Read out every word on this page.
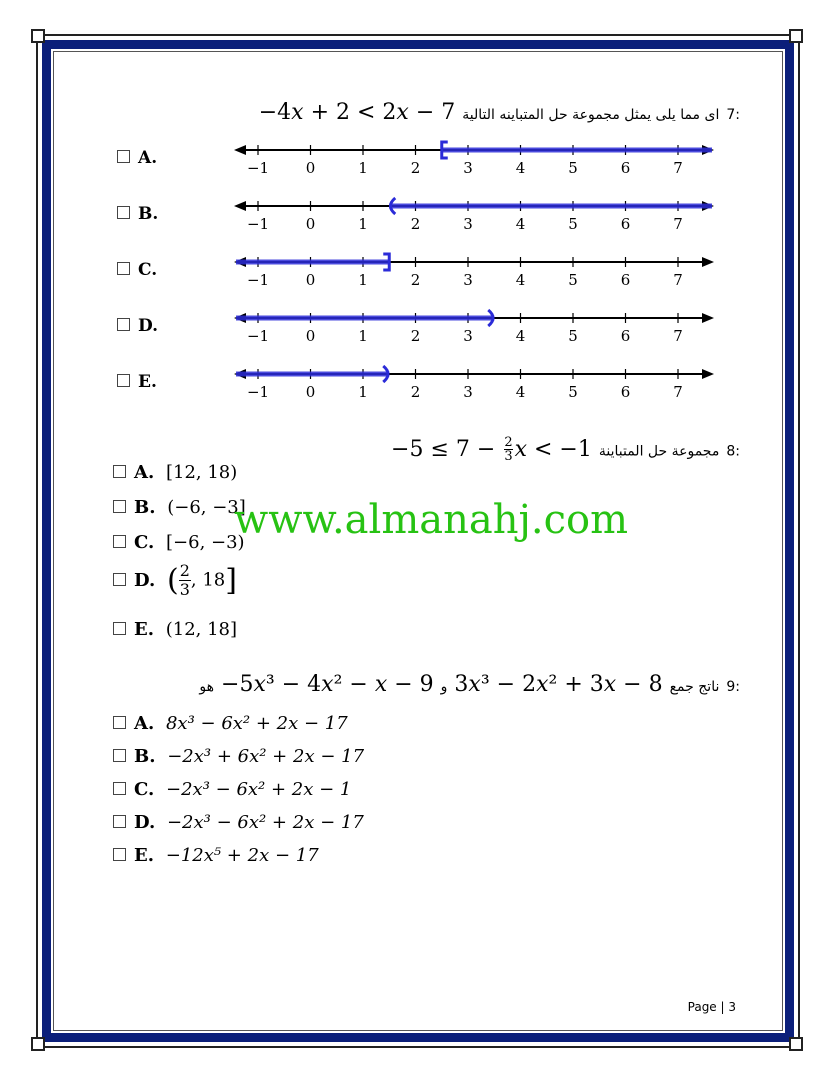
:7 اى مما يلى يمثل مجموعة حل المتباينه التالية −4x + 2 < 2x − 7
A.	−1 0	1	2	3	4	5	6	7
B.	−1 0	1	2	3	4	5	6	7
C.	−1 0	1	2	3	4	5	6	7
D.	−1 0	1	2	3	4	5	6	7
E.	−1 0	1	2	3	4	5	6	7
:8 مجموعة حل المتباينة $-5 \le 7 - \frac{2}{3}$ x < −1
A. [12, 18)
B. (−6, −3]
C. [−6, −3)
D. ( $\frac{2}{3}$ , 18]
E. (12, 18]
www.almanahj.com
:9 ناتج جمع 3x³ − 2x² + 3x − 8 و −5x³ − 4x² − x − 9 هو
A. 8x³ − 6x² + 2x − 17
B. −2x³ + 6x² + 2x − 17
C. −2x³ − 6x² + 2x − 1
D. −2x³ − 6x² + 2x − 17
E. −12x⁵ + 2x − 17
Page | 3
